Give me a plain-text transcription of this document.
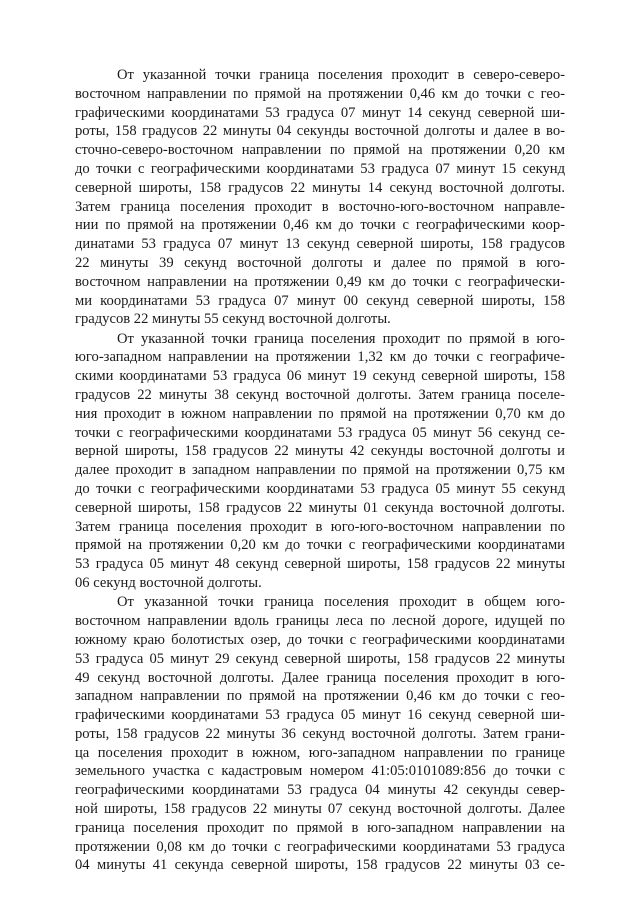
От указанной точки граница поселения проходит в северо-северо-
восточном направлении по прямой на протяжении 0,46 км до точки с гео-
графическими координатами 53 градуса 07 минут 14 секунд северной ши-
роты, 158 градусов 22 минуты 04 секунды восточной долготы и далее в во-
сточно-северо-восточном направлении по прямой на протяжении 0,20 км
до точки с географическими координатами 53 градуса 07 минут 15 секунд
северной широты, 158 градусов 22 минуты 14 секунд восточной долготы.
Затем граница поселения проходит в восточно-юго-восточном направле-
нии по прямой на протяжении 0,46 км до точки с географическими коор-
динатами 53 градуса 07 минут 13 секунд северной широты, 158 градусов
22 минуты 39 секунд восточной долготы и далее по прямой в юго-
восточном направлении на протяжении 0,49 км до точки с географически-
ми координатами 53 градуса 07 минут 00 секунд северной широты, 158
градусов 22 минуты 55 секунд восточной долготы.
От указанной точки граница поселения проходит по прямой в юго-
юго-западном направлении на протяжении 1,32 км до точки с географиче-
скими координатами 53 градуса 06 минут 19 секунд северной широты, 158
градусов 22 минуты 38 секунд восточной долготы. Затем граница поселе-
ния проходит в южном направлении по прямой на протяжении 0,70 км до
точки с географическими координатами 53 градуса 05 минут 56 секунд се-
верной широты, 158 градусов 22 минуты 42 секунды восточной долготы и
далее проходит в западном направлении по прямой на протяжении 0,75 км
до точки с географическими координатами 53 градуса 05 минут 55 секунд
северной широты, 158 градусов 22 минуты 01 секунда восточной долготы.
Затем граница поселения проходит в юго-юго-восточном направлении по
прямой на протяжении 0,20 км до точки с географическими координатами
53 градуса 05 минут 48 секунд северной широты, 158 градусов 22 минуты
06 секунд восточной долготы.
От указанной точки граница поселения проходит в общем юго-
восточном направлении вдоль границы леса по лесной дороге, идущей по
южному краю болотистых озер, до точки с географическими координатами
53 градуса 05 минут 29 секунд северной широты, 158 градусов 22 минуты
49 секунд восточной долготы. Далее граница поселения проходит в юго-
западном направлении по прямой на протяжении 0,46 км до точки с гео-
графическими координатами 53 градуса 05 минут 16 секунд северной ши-
роты, 158 градусов 22 минуты 36 секунд восточной долготы. Затем грани-
ца поселения проходит в южном, юго-западном направлении по границе
земельного участка с кадастровым номером 41:05:0101089:856 до точки с
географическими координатами 53 градуса 04 минуты 42 секунды север-
ной широты, 158 градусов 22 минуты 07 секунд восточной долготы. Далее
граница поселения проходит по прямой в юго-западном направлении на
протяжении 0,08 км до точки с географическими координатами 53 градуса
04 минуты 41 секунда северной широты, 158 градусов 22 минуты 03 се-
